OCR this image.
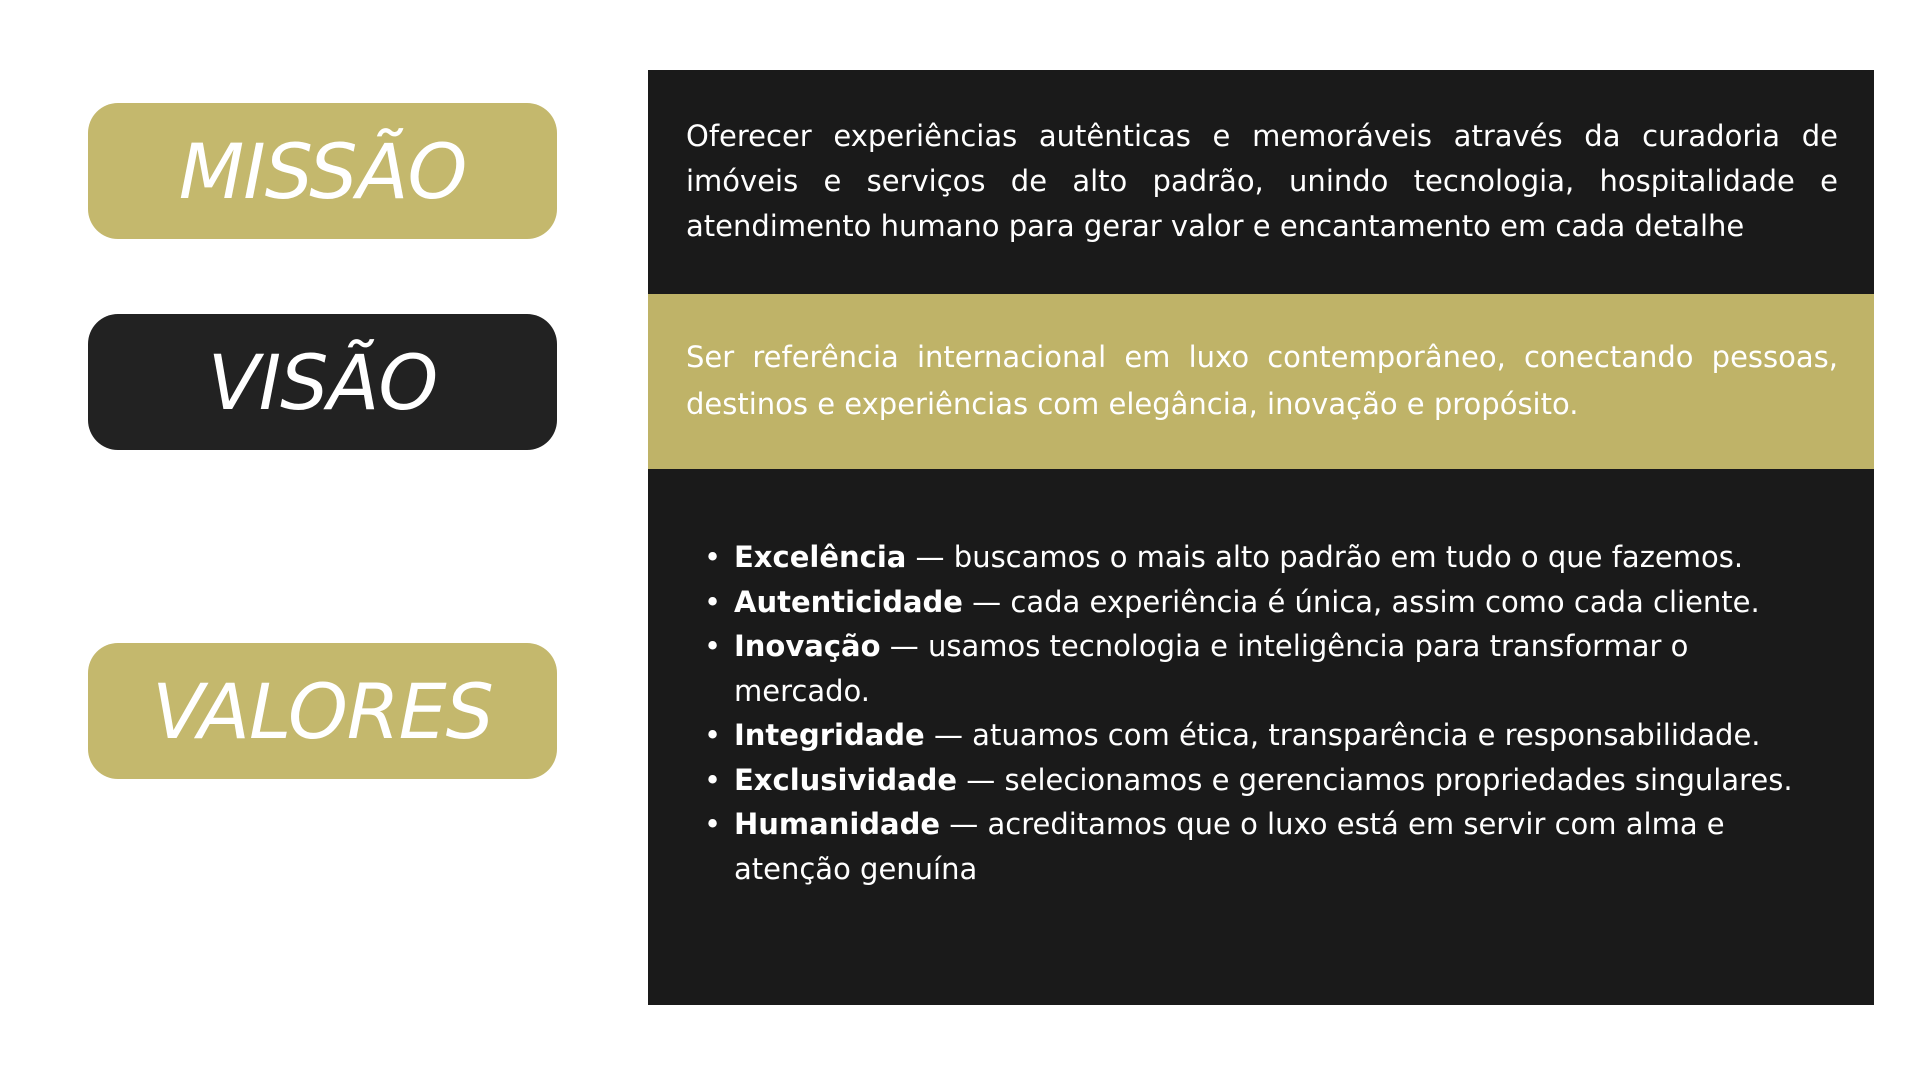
MISSÃO
VISÃO
VALORES

Oferecer experiências autênticas e memoráveis através da curadoria de imóveis e serviços de alto padrão, unindo tecnologia, hospitalidade e atendimento humano para gerar valor e encantamento em cada detalhe

Ser referência internacional em luxo contemporâneo, conectando pessoas, destinos e experiências com elegância, inovação e propósito.

• Excelência — buscamos o mais alto padrão em tudo o que fazemos.
• Autenticidade — cada experiência é única, assim como cada cliente.
• Inovação — usamos tecnologia e inteligência para transformar o mercado.
• Integridade — atuamos com ética, transparência e responsabilidade.
• Exclusividade — selecionamos e gerenciamos propriedades singulares.
• Humanidade — acreditamos que o luxo está em servir com alma e atenção genuína
